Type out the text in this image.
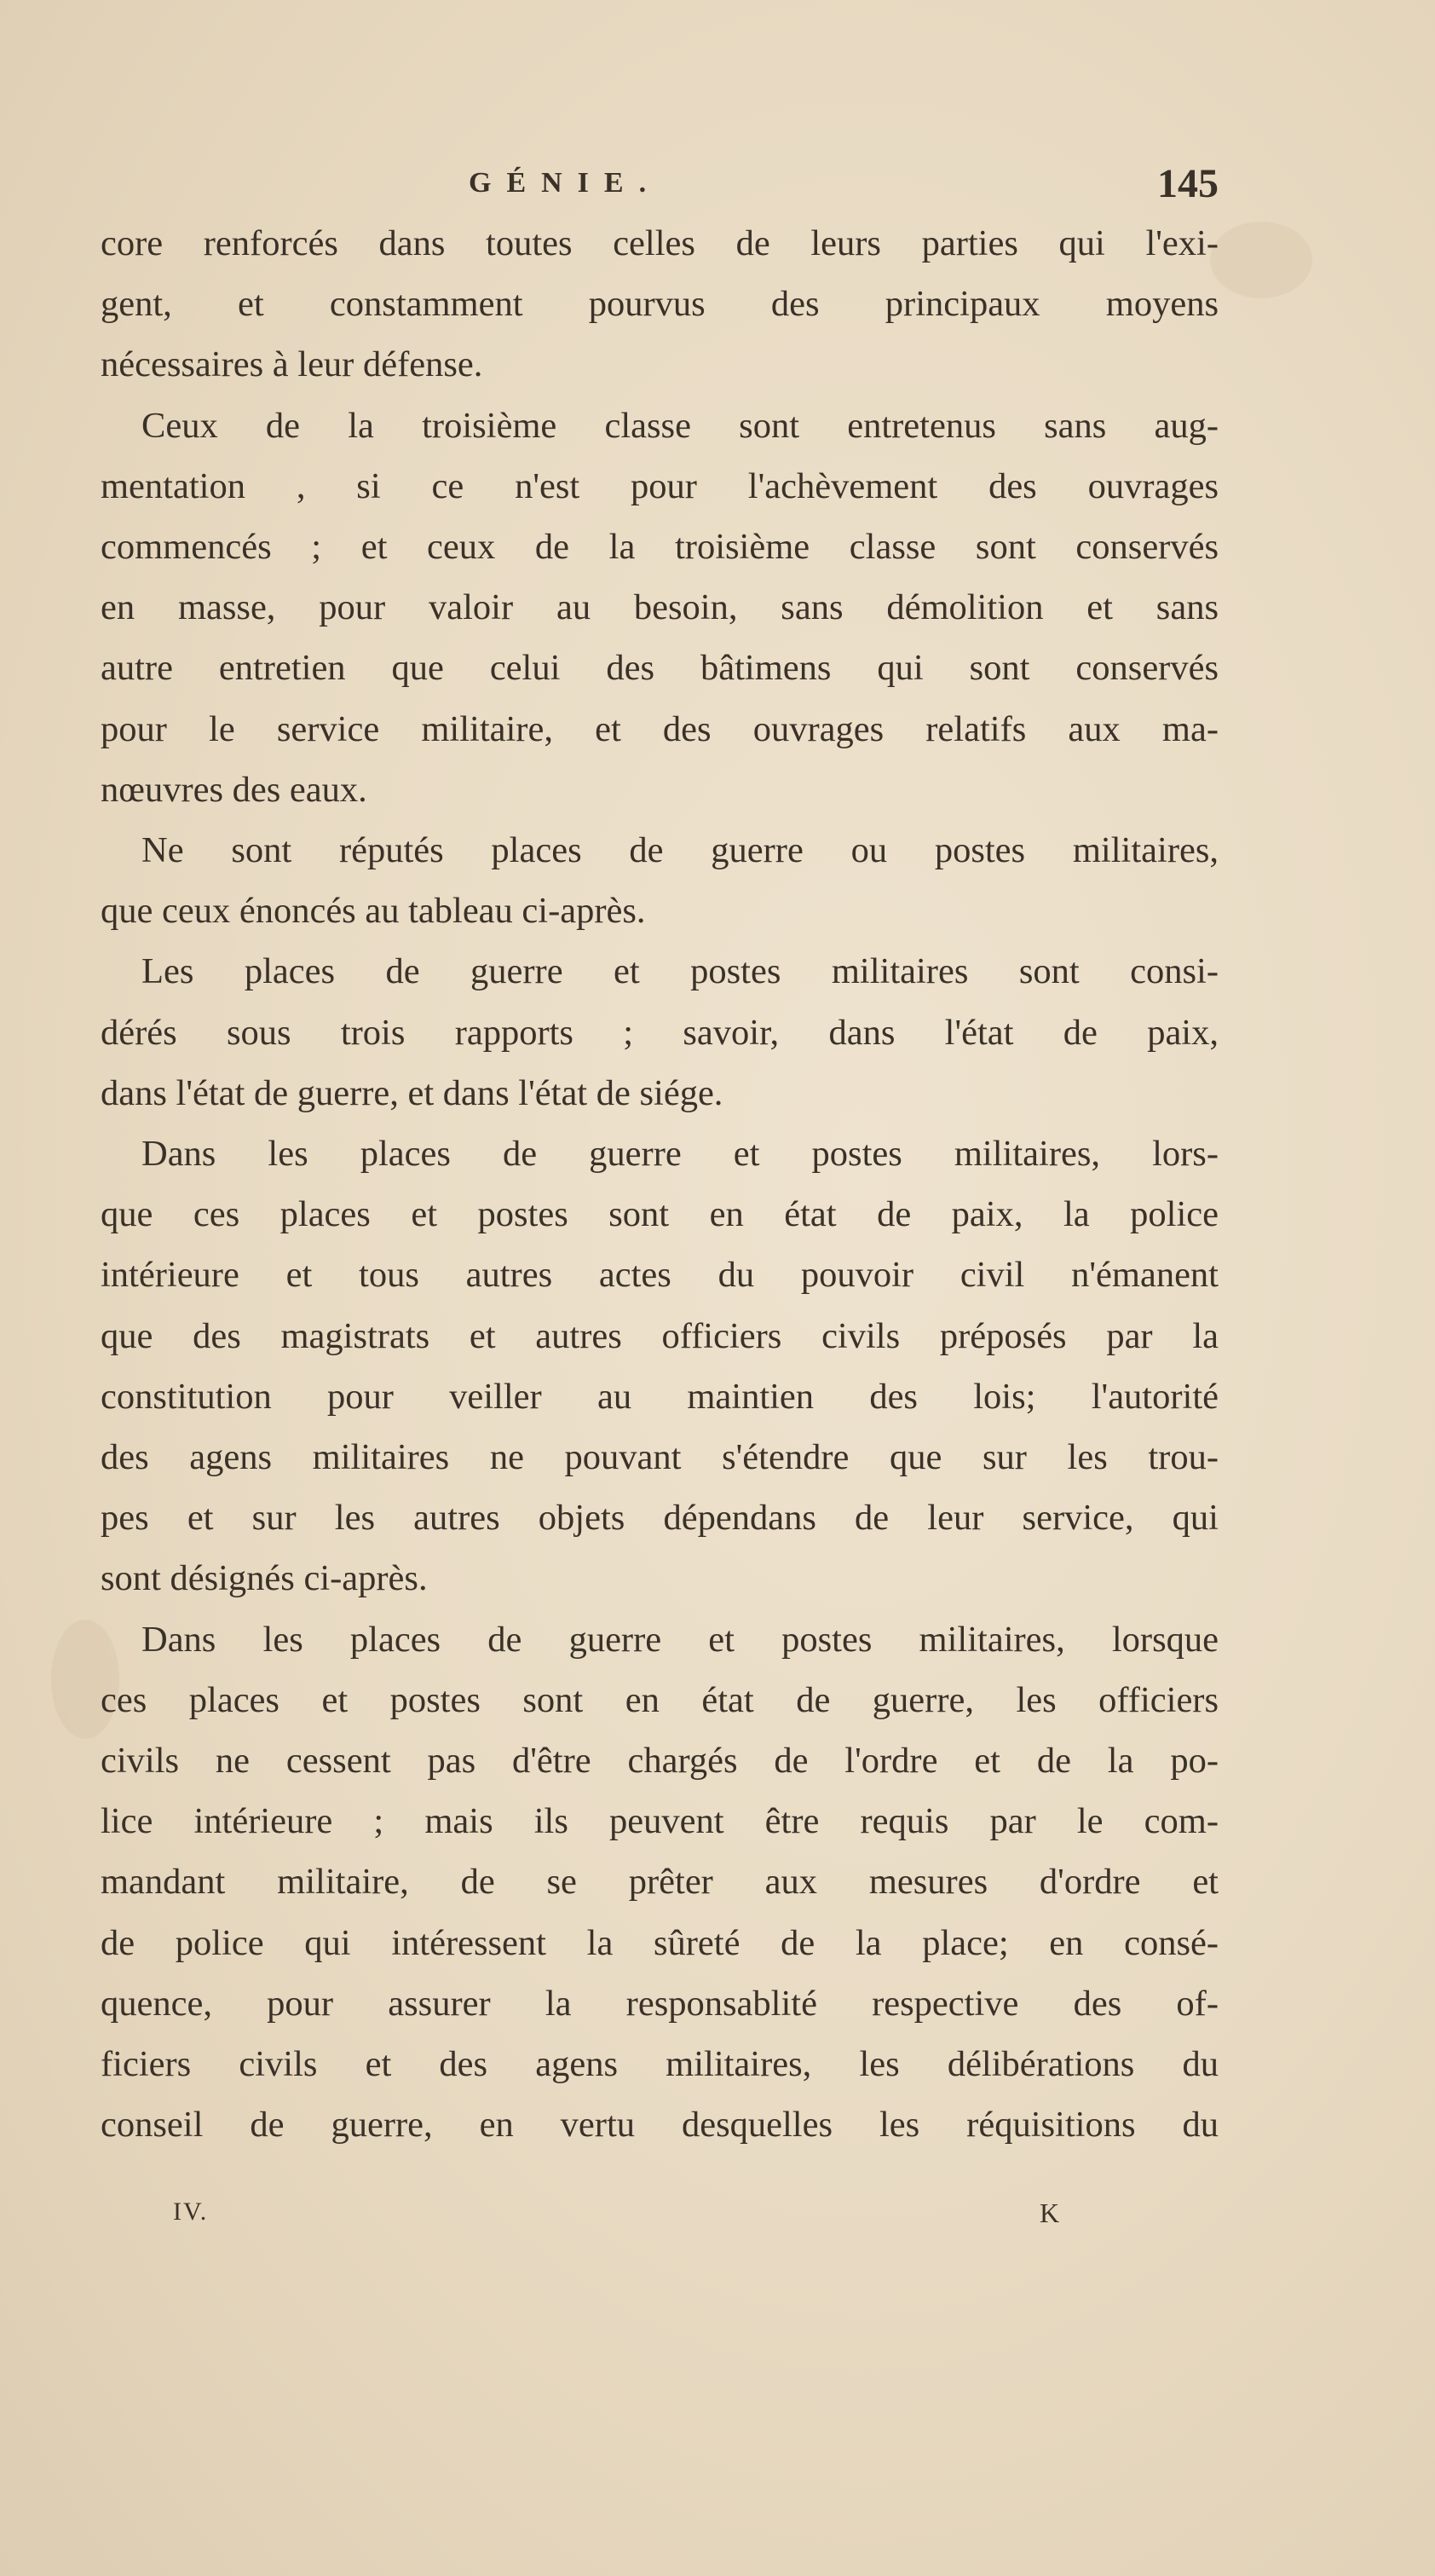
GÉNIE.	145
core renforcés dans toutes celles de leurs parties qui l'exi-
gent, et constamment pourvus des principaux moyens
nécessaires à leur défense.
Ceux de la troisième classe sont entretenus sans aug-
mentation , si ce n'est pour l'achèvement des ouvrages
commencés ; et ceux de la troisième classe sont conservés
en masse, pour valoir au besoin, sans démolition et sans
autre entretien que celui des bâtimens qui sont conservés
pour le service militaire, et des ouvrages relatifs aux ma-
nœuvres des eaux.
Ne sont réputés places de guerre ou postes militaires,
que ceux énoncés au tableau ci-après.
Les places de guerre et postes militaires sont consi-
dérés sous trois rapports ; savoir, dans l'état de paix,
dans l'état de guerre, et dans l'état de siége.
Dans les places de guerre et postes militaires, lors-
que ces places et postes sont en état de paix, la police
intérieure et tous autres actes du pouvoir civil n'émanent
que des magistrats et autres officiers civils préposés par la
constitution pour veiller au maintien des lois; l'autorité
des agens militaires ne pouvant s'étendre que sur les trou-
pes et sur les autres objets dépendans de leur service, qui
sont désignés ci-après.
Dans les places de guerre et postes militaires, lorsque
ces places et postes sont en état de guerre, les officiers
civils ne cessent pas d'être chargés de l'ordre et de la po-
lice intérieure ; mais ils peuvent être requis par le com-
mandant militaire, de se prêter aux mesures d'ordre et
de police qui intéressent la sûreté de la place; en consé-
quence, pour assurer la responsablité respective des of-
ficiers civils et des agens militaires, les délibérations du
conseil de guerre, en vertu desquelles les réquisitions du
IV.	K
